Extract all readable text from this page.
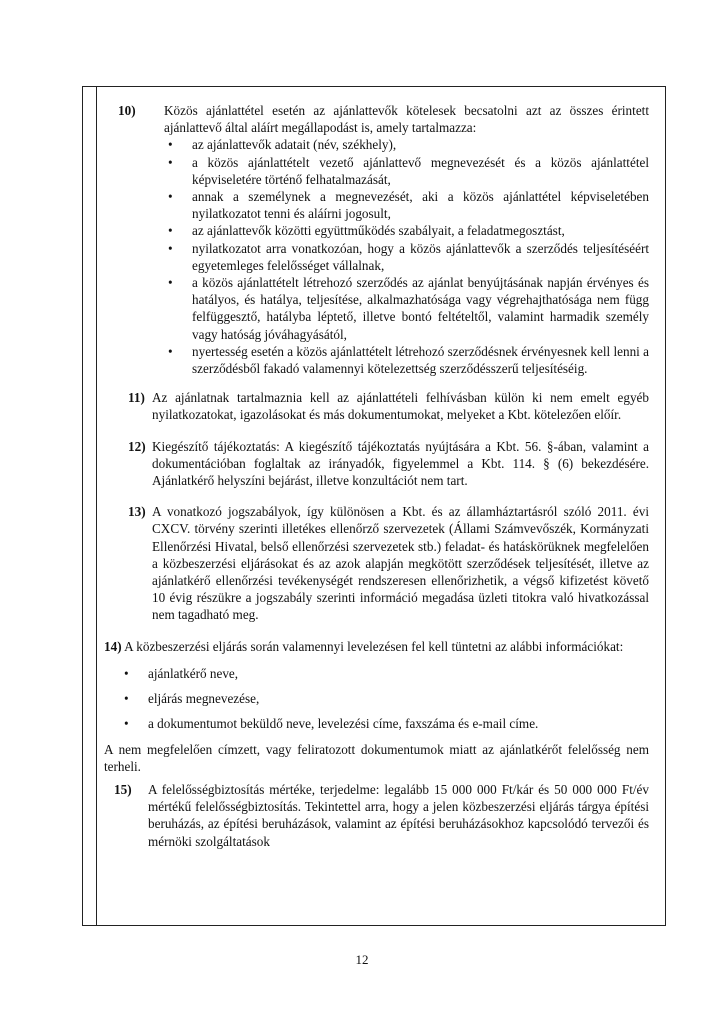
10)	Közös ajánlattétel esetén az ajánlattevők kötelesek becsatolni azt az összes érintett ajánlattevő által aláírt megállapodást is, amely tartalmazza:
• az ajánlattevők adatait (név, székhely),
• a közös ajánlattételt vezető ajánlattevő megnevezését és a közös ajánlattétel képviseletére történő felhatalmazását,
• annak a személynek a megnevezését, aki a közös ajánlattétel képviseletében nyilatkozatot tenni és aláírni jogosult,
• az ajánlattevők közötti együttműködés szabályait, a feladatmegosztást,
• nyilatkozatot arra vonatkozóan, hogy a közös ajánlattevők a szerződés teljesítéséért egyetemleges felelősséget vállalnak,
• a közös ajánlattételt létrehozó szerződés az ajánlat benyújtásának napján érvényes és hatályos, és hatálya, teljesítése, alkalmazhatósága vagy végrehajthatósága nem függ felfüggesztő, hatályba léptető, illetve bontó feltételtől, valamint harmadik személy vagy hatóság jóváhagyásától,
• nyertesség esetén a közös ajánlattételt létrehozó szerződésnek érvényesnek kell lenni a szerződésből fakadó valamennyi kötelezettség szerződésszerű teljesítéséig.
11) Az ajánlatnak tartalmaznia kell az ajánlattételi felhívásban külön ki nem emelt egyéb nyilatkozatokat, igazolásokat és más dokumentumokat, melyeket a Kbt. kötelezően előír.
12) Kiegészítő tájékoztatás: A kiegészítő tájékoztatás nyújtására a Kbt. 56. §-ában, valamint a dokumentációban foglaltak az irányadók, figyelemmel a Kbt. 114. § (6) bekezdésére. Ajánlatkérő helyszíni bejárást, illetve konzultációt nem tart.
13) A vonatkozó jogszabályok, így különösen a Kbt. és az államháztartásról szóló 2011. évi CXCV. törvény szerinti illetékes ellenőrző szervezetek (Állami Számvevőszék, Kormányzati Ellenőrzési Hivatal, belső ellenőrzési szervezetek stb.) feladat- és hatáskörüknek megfelelően a közbeszerzési eljárásokat és az azok alapján megkötött szerződések teljesítését, illetve az ajánlatkérő ellenőrzési tevékenységét rendszeresen ellenőrizhetik, a végső kifizetést követő 10 évig részükre a jogszabály szerinti információ megadása üzleti titokra való hivatkozással nem tagadható meg.
14) A közbeszerzési eljárás során valamennyi levelezésen fel kell tüntetni az alábbi információkat:
• ajánlatkérő neve,
• eljárás megnevezése,
• a dokumentumot beküldő neve, levelezési címe, faxszáma és e-mail címe.
A nem megfelelően címzett, vagy feliratozott dokumentumok miatt az ajánlatkérőt felelősség nem terheli.
15)	A felelősségbiztosítás mértéke, terjedelme: legalább 15 000 000 Ft/kár és 50 000 000 Ft/év mértékű felelősségbiztosítás. Tekintettel arra, hogy a jelen közbeszerzési eljárás tárgya építési beruházás, az építési beruházások, valamint az építési beruházásokhoz kapcsolódó tervezői és mérnöki szolgáltatások
12
